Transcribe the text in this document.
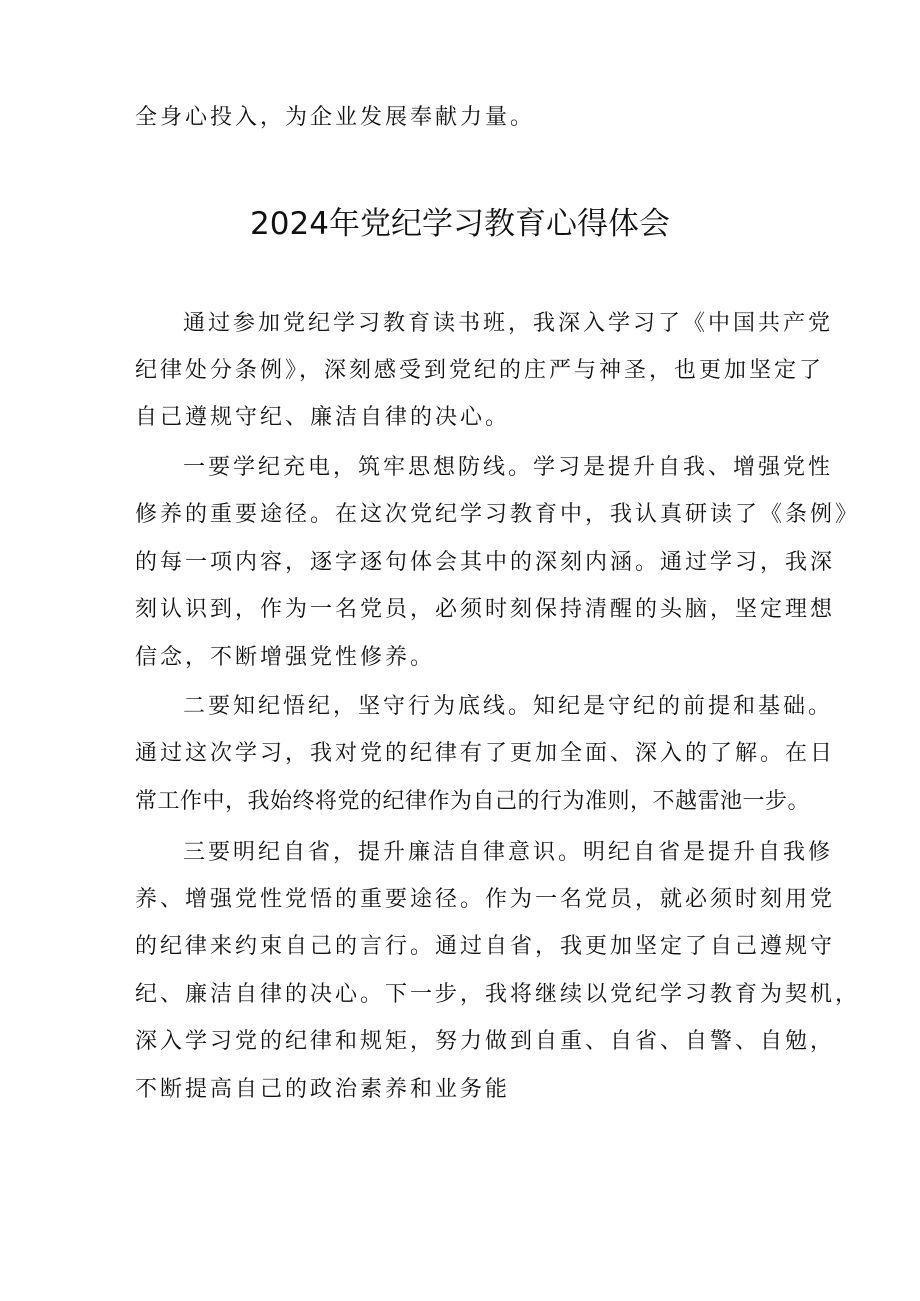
全身心投入，为企业发展奉献力量。
2024年党纪学习教育心得体会
通过参加党纪学习教育读书班，我深入学习了《中国共产党
纪律处分条例》，深刻感受到党纪的庄严与神圣，也更加坚定了
自己遵规守纪、廉洁自律的决心。
一要学纪充电，筑牢思想防线。学习是提升自我、增强党性
修养的重要途径。在这次党纪学习教育中，我认真研读了《条例》
的每一项内容，逐字逐句体会其中的深刻内涵。通过学习，我深
刻认识到，作为一名党员，必须时刻保持清醒的头脑，坚定理想
信念，不断增强党性修养。
二要知纪悟纪，坚守行为底线。知纪是守纪的前提和基础。
通过这次学习，我对党的纪律有了更加全面、深入的了解。在日
常工作中，我始终将党的纪律作为自己的行为准则，不越雷池一步。
三要明纪自省，提升廉洁自律意识。明纪自省是提升自我修
养、增强党性党悟的重要途径。作为一名党员，就必须时刻用党
的纪律来约束自己的言行。通过自省，我更加坚定了自己遵规守
纪、廉洁自律的决心。下一步，我将继续以党纪学习教育为契机，
深入学习党的纪律和规矩，努力做到自重、自省、自警、自勉，
不断提高自己的政治素养和业务能
